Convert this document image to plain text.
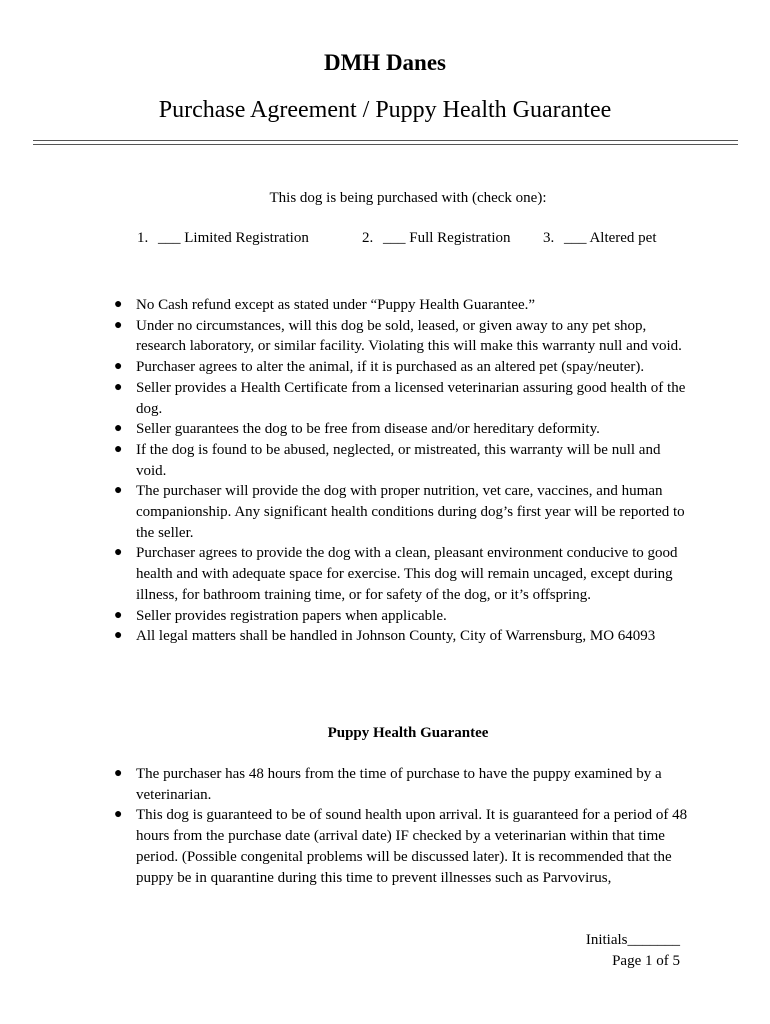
DMH Danes
Purchase Agreement / Puppy Health Guarantee
This dog is being purchased with (check one):
1. ___ Limited Registration	2. ___ Full Registration 3. ___ Altered pet
● No Cash refund except as stated under “Puppy Health Guarantee.”
● Under no circumstances, will this dog be sold, leased, or given away to any pet shop, research laboratory, or similar facility. Violating this will make this warranty null and void.
● Purchaser agrees to alter the animal, if it is purchased as an altered pet (spay/neuter).
● Seller provides a Health Certificate from a licensed veterinarian assuring good health of the dog.
● Seller guarantees the dog to be free from disease and/or hereditary deformity.
● If the dog is found to be abused, neglected, or mistreated, this warranty will be null and void.
● The purchaser will provide the dog with proper nutrition, vet care, vaccines, and human companionship. Any significant health conditions during dog’s first year will be reported to the seller.
● Purchaser agrees to provide the dog with a clean, pleasant environment conducive to good health and with adequate space for exercise. This dog will remain uncaged, except during illness, for bathroom training time, or for safety of the dog, or it’s offspring.
● Seller provides registration papers when applicable.
● All legal matters shall be handled in Johnson County, City of Warrensburg, MO 64093
Puppy Health Guarantee
● The purchaser has 48 hours from the time of purchase to have the puppy examined by a veterinarian.
● This dog is guaranteed to be of sound health upon arrival. It is guaranteed for a period of 48 hours from the purchase date (arrival date) IF checked by a veterinarian within that time period. (Possible congenital problems will be discussed later). It is recommended that the puppy be in quarantine during this time to prevent illnesses such as Parvovirus,
Initials_______
Page 1 of 5
